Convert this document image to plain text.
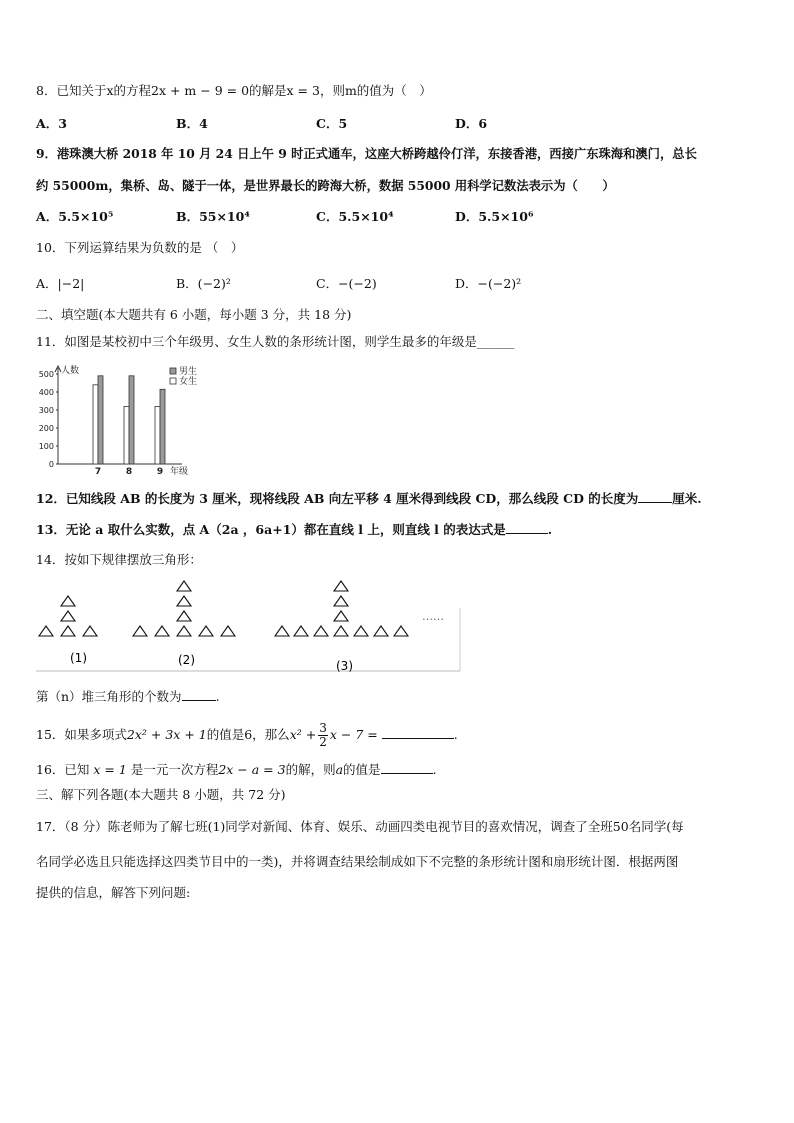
8．已知关于x的方程2x + m − 9 = 0的解是x = 3，则m的值为（　）
A．3	B．4	C．5	D．6
9．港珠澳大桥 2018 年 10 月 24 日上午 9 时正式通车，这座大桥跨越伶仃洋，东接香港，西接广东珠海和澳门，总长
约 55000m，集桥、岛、隧于一体，是世界最长的跨海大桥，数据 55000 用科学记数法表示为（　　）
A．5.5×10⁵	B．55×10⁴	C．5.5×10⁴	D．5.5×10⁶
10．下列运算结果为负数的是 （　）
A．|−2|	B．(−2)²	C．−(−2)	D．−(−2)²
二、填空题(本大题共有 6 小题，每小题 3 分，共 18 分)
11．如图是某校初中三个年级男、女生人数的条形统计图，则学生最多的年级是______
0
100
200
300
400
500 人数
7	8	9 年级
男生
女生
12．已知线段 AB 的长度为 3 厘米，现将线段 AB 向左平移 4 厘米得到线段 CD，那么线段 CD 的长度为	厘米.
13．无论 a 取什么实数，点 A（2a ，6a+1）都在直线 l 上，则直线 l 的表达式是	.
14．按如下规律摆放三角形：
(1)	(2)	(3)
……
第（n）堆三角形的个数为	.
15．如果多项式2x² + 3x + 1的值是6，那么$x^2 + \frac{3}{2}$ x − 7 =	.
16．已知 x = 1 是一元一次方程2x − a = 3的解，则a的值是	.
三、解下列各题(本大题共 8 小题，共 72 分)
17．（8 分）陈老师为了解七班(1)同学对新闻、体育、娱乐、动画四类电视节目的喜欢情况，调查了全班50名同学(每
名同学必选且只能选择这四类节目中的一类)，并将调查结果绘制成如下不完整的条形统计图和扇形统计图．根据两图
提供的信息，解答下列问题:
